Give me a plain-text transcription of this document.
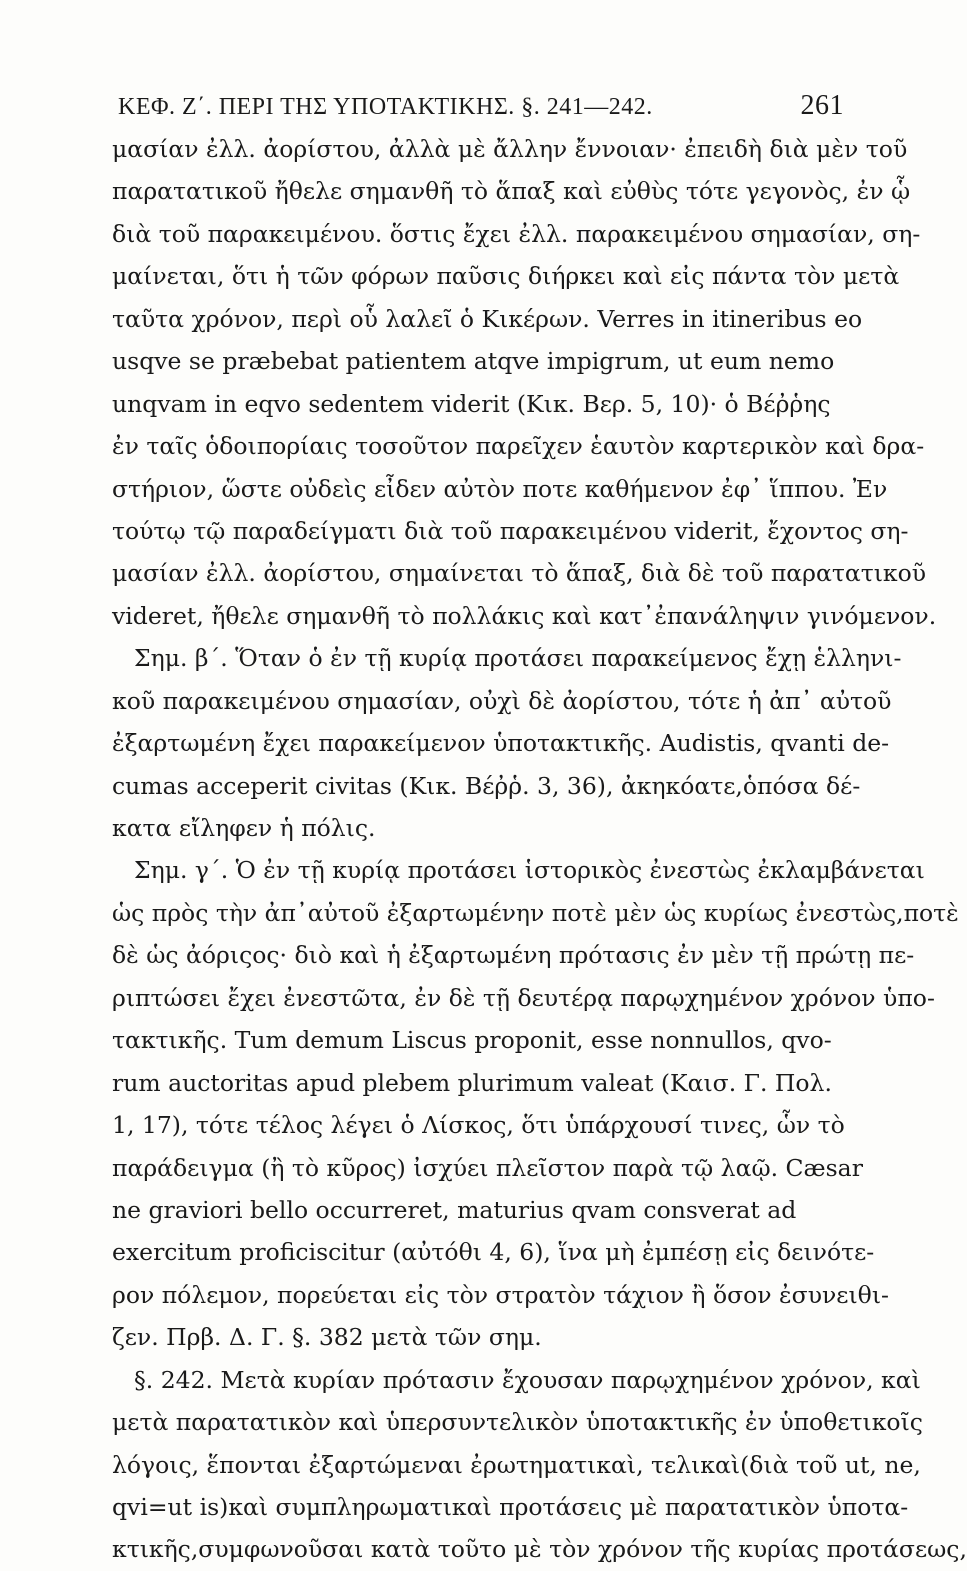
ΚΕΦ. Ζ΄. ΠΕΡΙ ΤΗΣ ΥΠΟΤΑΚΤΙΚΗΣ. §. 241—242.	261
μασίαν ἐλλ. ἀορίστου, ἀλλὰ μὲ ἄλλην ἔννοιαν· ἐπειδὴ διὰ μὲν τοῦ
παρατατικοῦ ἤθελε σημανθῆ τὸ ἅπαξ καὶ εὐθὺς τότε γεγονὸς, ἐν ᾧ
διὰ τοῦ παρακειμένου. ὅστις ἔχει ἐλλ. παρακειμένου σημασίαν, ση-
μαίνεται, ὅτι ἡ τῶν φόρων παῦσις διήρκει καὶ εἰς πάντα τὸν μετὰ
ταῦτα χρόνον, περὶ οὗ λαλεῖ ὁ Κικέρων. Verres in itineribus eo
usqve se præbebat patientem atqve impigrum, ut eum nemo
unqvam in eqvo sedentem viderit (Κικ. Βερ. 5, 10)· ὁ Βέῤῥης
ἐν ταῖς ὁδοιπορίαις τοσοῦτον παρεῖχεν ἑαυτὸν καρτερικὸν καὶ δρα-
στήριον, ὥστε οὐδεὶς εἶδεν αὐτὸν ποτε καθήμενον ἐφ᾽ ἵππου. Ἐν
τούτῳ τῷ παραδείγματι διὰ τοῦ παρακειμένου viderit, ἔχοντος ση-
μασίαν ἐλλ. ἀορίστου, σημαίνεται τὸ ἅπαξ, διὰ δὲ τοῦ παρατατικοῦ
videret, ἤθελε σημανθῆ τὸ πολλάκις καὶ κατ᾽ἐπανάληψιν γινόμενον.
Σημ. β΄. Ὅταν ὁ ἐν τῇ κυρίᾳ προτάσει παρακείμενος ἔχῃ ἑλληνι-
κοῦ παρακειμένου σημασίαν, οὐχὶ δὲ ἀορίστου, τότε ἡ ἀπ᾽ αὐτοῦ
ἐξαρτωμένη ἔχει παρακείμενον ὑποτακτικῆς. Audistis, qvanti de-
cumas acceperit civitas (Κικ. Βέῤῥ. 3, 36), ἀκηκόατε,ὁπόσα δέ-
κατα εἴληφεν ἡ πόλις.
Σημ. γ΄. Ὁ ἐν τῇ κυρίᾳ προτάσει ἱστορικὸς ἐνεστὼς ἐκλαμβάνεται
ὡς πρὸς τὴν ἀπ᾽αὐτοῦ ἐξαρτωμένην ποτὲ μὲν ὡς κυρίως ἐνεστὼς,ποτὲ
δὲ ὡς ἀόριςος· διὸ καὶ ἡ ἐξαρτωμένη πρότασις ἐν μὲν τῇ πρώτῃ πε-
ριπτώσει ἔχει ἐνεστῶτα, ἐν δὲ τῇ δευτέρᾳ παρῳχημένον χρόνον ὑπο-
τακτικῆς. Tum demum Liscus proponit, esse nonnullos, qvo-
rum auctoritas apud plebem plurimum valeat (Καισ. Γ. Πολ.
1, 17), τότε τέλος λέγει ὁ Λίσκος, ὅτι ὑπάρχουσί τινες, ὧν τὸ
παράδειγμα (ἢ τὸ κῦρος) ἰσχύει πλεῖστον παρὰ τῷ λαῷ. Cæsar
ne graviori bello occurreret, maturius qvam consverat ad
exercitum proficiscitur (αὐτόθι 4, 6), ἵνα μὴ ἐμπέσῃ εἰς δεινότε-
ρον πόλεμον, πορεύεται εἰς τὸν στρατὸν τάχιον ἢ ὅσον ἐσυνειθι-
ζεν. Πρβ. Δ. Γ. §. 382 μετὰ τῶν σημ.
§. 242. Μετὰ κυρίαν πρότασιν ἔχουσαν παρῳχημένον χρόνον, καὶ
μετὰ παρατατικὸν καὶ ὑπερσυντελικὸν ὑποτακτικῆς ἐν ὑποθετικοῖς
λόγοις, ἕπονται ἐξαρτώμεναι ἐρωτηματικαὶ, τελικαὶ(διὰ τοῦ ut, ne,
qvi=ut is)καὶ συμπληρωματικαὶ προτάσεις μὲ παρατατικὸν ὑποτα-
κτικῆς,συμφωνοῦσαι κατὰ τοῦτο μὲ τὸν χρόνον τῆς κυρίας προτάσεως,
